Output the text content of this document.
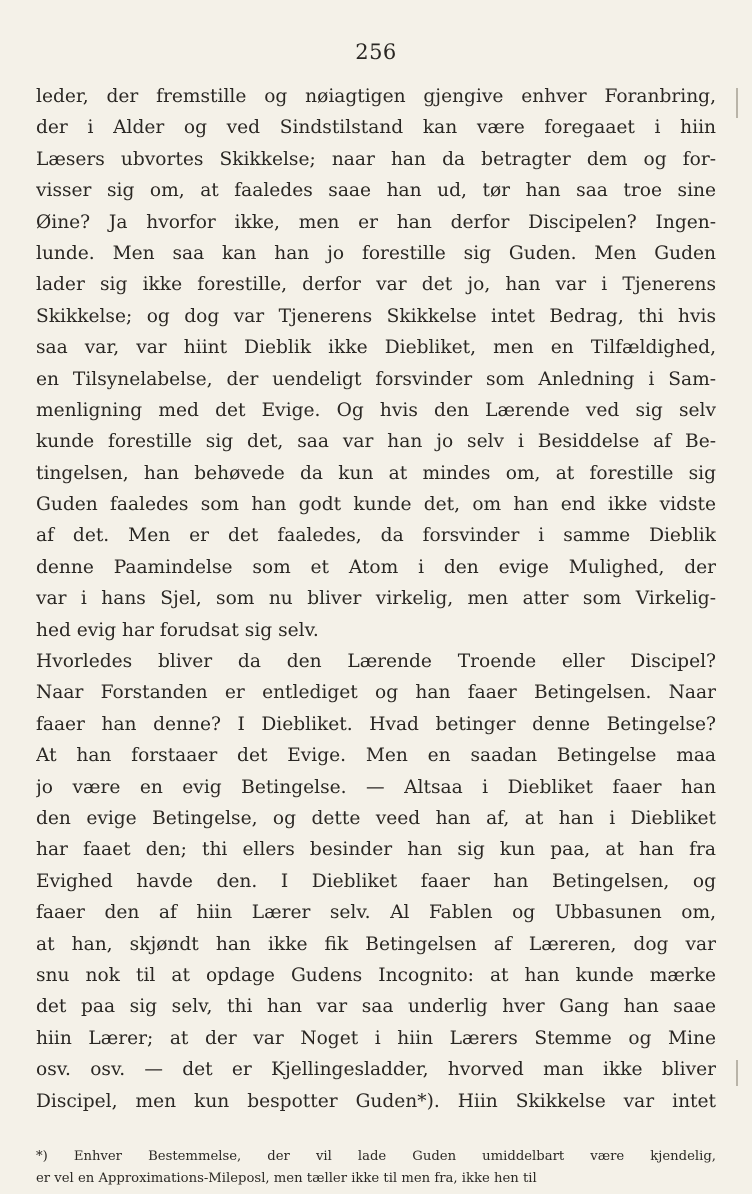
256
leder, der fremstille og nøiagtigen gjengive enhver Foranbring,
der i Alder og ved Sindstilstand kan være foregaaet i hiin
Læsers ubvortes Skikkelse; naar han da betragter dem og for-
visser sig om, at faaledes saae han ud, tør han saa troe sine
Øine? Ja hvorfor ikke, men er han derfor Discipelen? Ingen-
lunde. Men saa kan han jo forestille sig Guden. Men Guden
lader sig ikke forestille, derfor var det jo, han var i Tjenerens
Skikkelse; og dog var Tjenerens Skikkelse intet Bedrag, thi hvis
saa var, var hiint Dieblik ikke Diebliket, men en Tilfældighed,
en Tilsynelabelse, der uendeligt forsvinder som Anledning i Sam-
menligning med det Evige. Og hvis den Lærende ved sig selv
kunde forestille sig det, saa var han jo selv i Besiddelse af Be-
tingelsen, han behøvede da kun at mindes om, at forestille sig
Guden faaledes som han godt kunde det, om han end ikke vidste
af det. Men er det faaledes, da forsvinder i samme Dieblik
denne Paamindelse som et Atom i den evige Mulighed, der
var i hans Sjel, som nu bliver virkelig, men atter som Virkelig-
hed evig har forudsat sig selv.
Hvorledes bliver da den Lærende Troende eller Discipel?
Naar Forstanden er entlediget og han faaer Betingelsen. Naar
faaer han denne? I Diebliket. Hvad betinger denne Betingelse?
At han forstaaer det Evige. Men en saadan Betingelse maa
jo være en evig Betingelse. — Altsaa i Diebliket faaer han
den evige Betingelse, og dette veed han af, at han i Diebliket
har faaet den; thi ellers besinder han sig kun paa, at han fra
Evighed havde den. I Diebliket faaer han Betingelsen, og
faaer den af hiin Lærer selv. Al Fablen og Ubbasunen om,
at han, skjøndt han ikke fik Betingelsen af Læreren, dog var
snu nok til at opdage Gudens Incognito: at han kunde mærke
det paa sig selv, thi han var saa underlig hver Gang han saae
hiin Lærer; at der var Noget i hiin Lærers Stemme og Mine
osv. osv. — det er Kjellingesladder, hvorved man ikke bliver
Discipel, men kun bespotter Guden*). Hiin Skikkelse var intet
*) Enhver Bestemmelse, der vil lade Guden umiddelbart være kjendelig,
er vel en Approximations-Mileposl, men tæller ikke til men fra, ikke hen til
